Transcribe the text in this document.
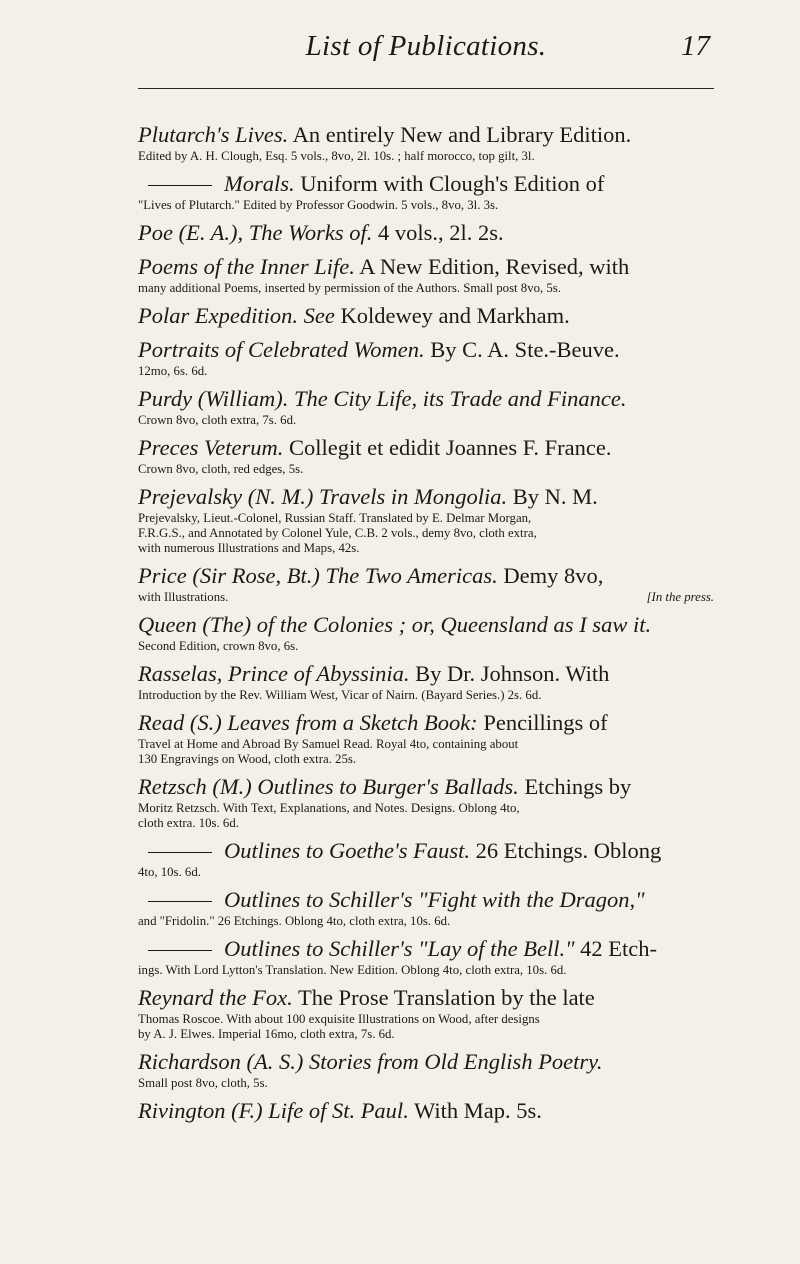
List of Publications.	17
Plutarch's Lives. An entirely New and Library Edition.
Edited by A. H. Clough, Esq. 5 vols., 8vo, 2l. 10s. ; half morocco, top gilt, 3l.
Morals. Uniform with Clough's Edition of
"Lives of Plutarch." Edited by Professor Goodwin. 5 vols., 8vo, 3l. 3s.
Poe (E. A.), The Works of. 4 vols., 2l. 2s.
Poems of the Inner Life. A New Edition, Revised, with
many additional Poems, inserted by permission of the Authors. Small post 8vo, 5s.
Polar Expedition. See Koldewey and Markham.
Portraits of Celebrated Women. By C. A. Ste.-Beuve.
12mo, 6s. 6d.
Purdy (William). The City Life, its Trade and Finance.
Crown 8vo, cloth extra, 7s. 6d.
Preces Veterum. Collegit et edidit Joannes F. France.
Crown 8vo, cloth, red edges, 5s.
Prejevalsky (N. M.) Travels in Mongolia. By N. M.
Prejevalsky, Lieut.-Colonel, Russian Staff. Translated by E. Delmar Morgan,
F.R.G.S., and Annotated by Colonel Yule, C.B. 2 vols., demy 8vo, cloth extra,
with numerous Illustrations and Maps, 42s.
Price (Sir Rose, Bt.) The Two Americas. Demy 8vo,
with Illustrations.	[In the press.
Queen (The) of the Colonies ; or, Queensland as I saw it.
Second Edition, crown 8vo, 6s.
Rasselas, Prince of Abyssinia. By Dr. Johnson. With
Introduction by the Rev. William West, Vicar of Nairn. (Bayard Series.) 2s. 6d.
Read (S.) Leaves from a Sketch Book: Pencillings of
Travel at Home and Abroad By Samuel Read. Royal 4to, containing about
130 Engravings on Wood, cloth extra. 25s.
Retzsch (M.) Outlines to Burger's Ballads. Etchings by
Moritz Retzsch. With Text, Explanations, and Notes. Designs. Oblong 4to,
cloth extra. 10s. 6d.
Outlines to Goethe's Faust. 26 Etchings. Oblong
4to, 10s. 6d.
Outlines to Schiller's "Fight with the Dragon,"
and "Fridolin." 26 Etchings. Oblong 4to, cloth extra, 10s. 6d.
Outlines to Schiller's "Lay of the Bell." 42 Etch-
ings. With Lord Lytton's Translation. New Edition. Oblong 4to, cloth extra, 10s. 6d.
Reynard the Fox. The Prose Translation by the late
Thomas Roscoe. With about 100 exquisite Illustrations on Wood, after designs
by A. J. Elwes. Imperial 16mo, cloth extra, 7s. 6d.
Richardson (A. S.) Stories from Old English Poetry.
Small post 8vo, cloth, 5s.
Rivington (F.) Life of St. Paul. With Map. 5s.
